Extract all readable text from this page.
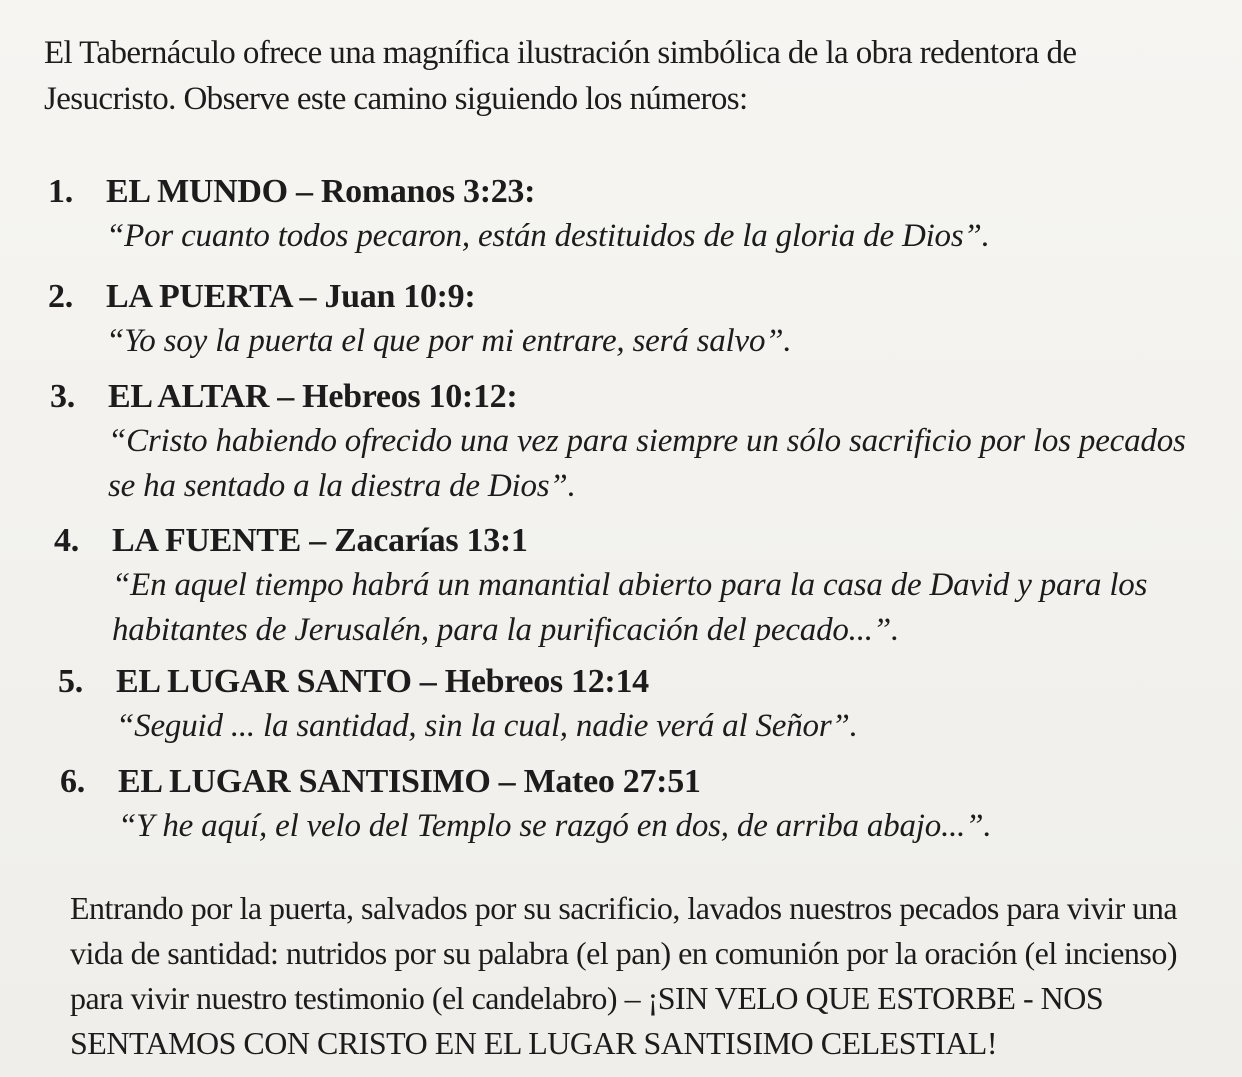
El Tabernáculo ofrece una magnífica ilustración simbólica de la obra redentora de Jesucristo. Observe este camino siguiendo los números:

1. EL MUNDO – Romanos 3:23:
“Por cuanto todos pecaron, están destituidos de la gloria de Dios”.
2. LA PUERTA – Juan 10:9:
“Yo soy la puerta el que por mi entrare, será salvo”.
3. EL ALTAR – Hebreos 10:12:
“Cristo habiendo ofrecido una vez para siempre un sólo sacrificio por los pecados se ha sentado a la diestra de Dios”.
4. LA FUENTE – Zacarías 13:1
“En aquel tiempo habrá un manantial abierto para la casa de David y para los habitantes de Jerusalén, para la purificación del pecado...”.
5. EL LUGAR SANTO – Hebreos 12:14
“Seguid ... la santidad, sin la cual, nadie verá al Señor”.
6. EL LUGAR SANTISIMO – Mateo 27:51
“Y he aquí, el velo del Templo se razgó en dos, de arriba abajo...”.

Entrando por la puerta, salvados por su sacrificio, lavados nuestros pecados para vivir una vida de santidad: nutridos por su palabra (el pan) en comunión por la oración (el incienso) para vivir nuestro testimonio (el candelabro) – ¡SIN VELO QUE ESTORBE - NOS SENTAMOS CON CRISTO EN EL LUGAR SANTISIMO CELESTIAL!
